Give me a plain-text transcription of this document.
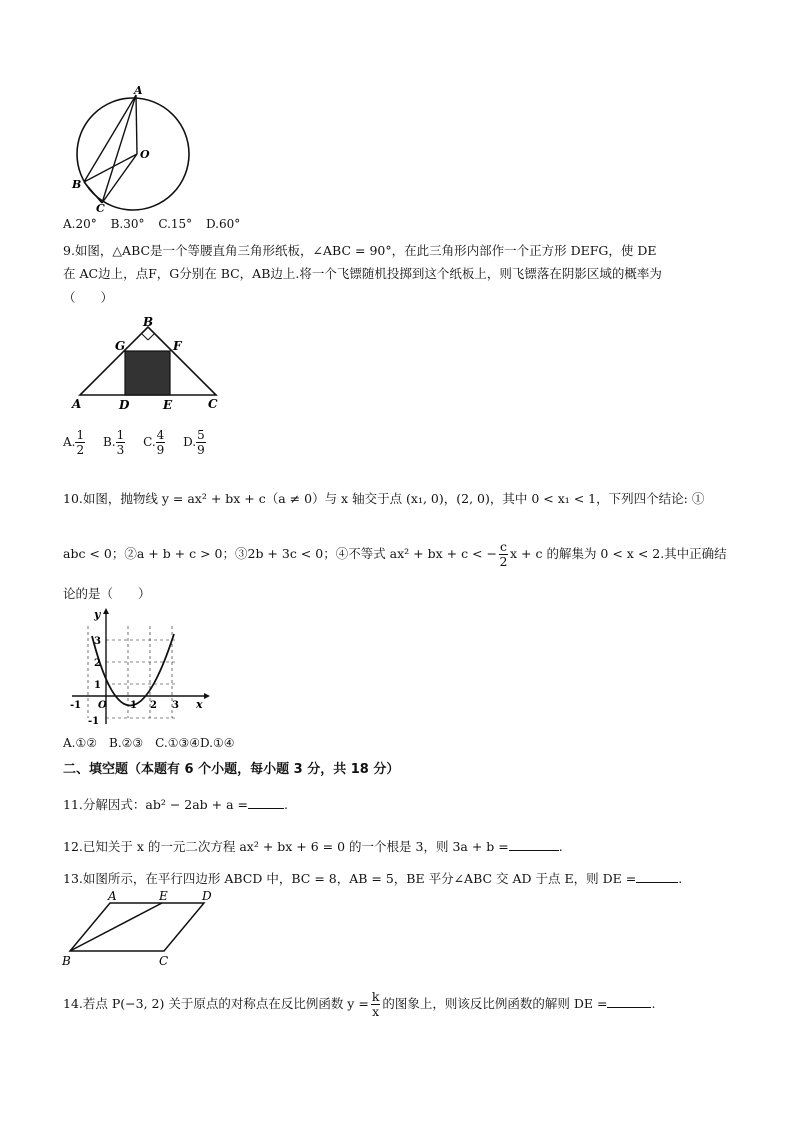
A
O
B
C
A.20° B.30° C.15° D.60°
9.如图，△ABC是一个等腰直角三角形纸板，∠ABC = 90°，在此三角形内部作一个正方形 DEFG，使 DE
在 AC边上，点F，G分别在 BC，AB边上.将一个飞镖随机投掷到这个纸板上，则飞镖落在阴影区域的概率为
（　　）
B
G	F
A	D	E	C
A. $\frac{1}{2} B$. $\frac{1}{3} C$. $\frac{4}{9} D$. $\frac{5}{9}$
10.如图，抛物线 y = ax² + bx + c（a ≠ 0）与 x 轴交于点 (x₁, 0)，(2, 0)，其中 0 < x₁ < 1，下列四个结论: ①
abc < 0；②a + b + c > 0；③2b + 3c < 0；④不等式 ax² + bx + c < − $\frac{c}{2}$ x + c 的解集为 0 < x < 2.其中正确结
论的是（　　）
y
3
2
1
-1 O 1 2 3 x
-1
A.①②　B.②③　C.①③④D.①④
二、填空题（本题有 6 个小题，每小题 3 分，共 18 分）
11.分解因式：ab² − 2ab + a =	.
12.已知关于 x 的一元二次方程 ax² + bx + 6 = 0 的一个根是 3，则 3a + b =	.
13.如图所示，在平行四边形 ABCD 中，BC = 8，AB = 5，BE 平分∠ABC 交 AD 于点 E，则 DE =	.
A	E	D
B	C
14.若点 P(−3, 2) 关于原点的对称点在反比例函数 $y = \frac{k}{x}$ 的图象上，则该反比例函数的解则 DE =	.
